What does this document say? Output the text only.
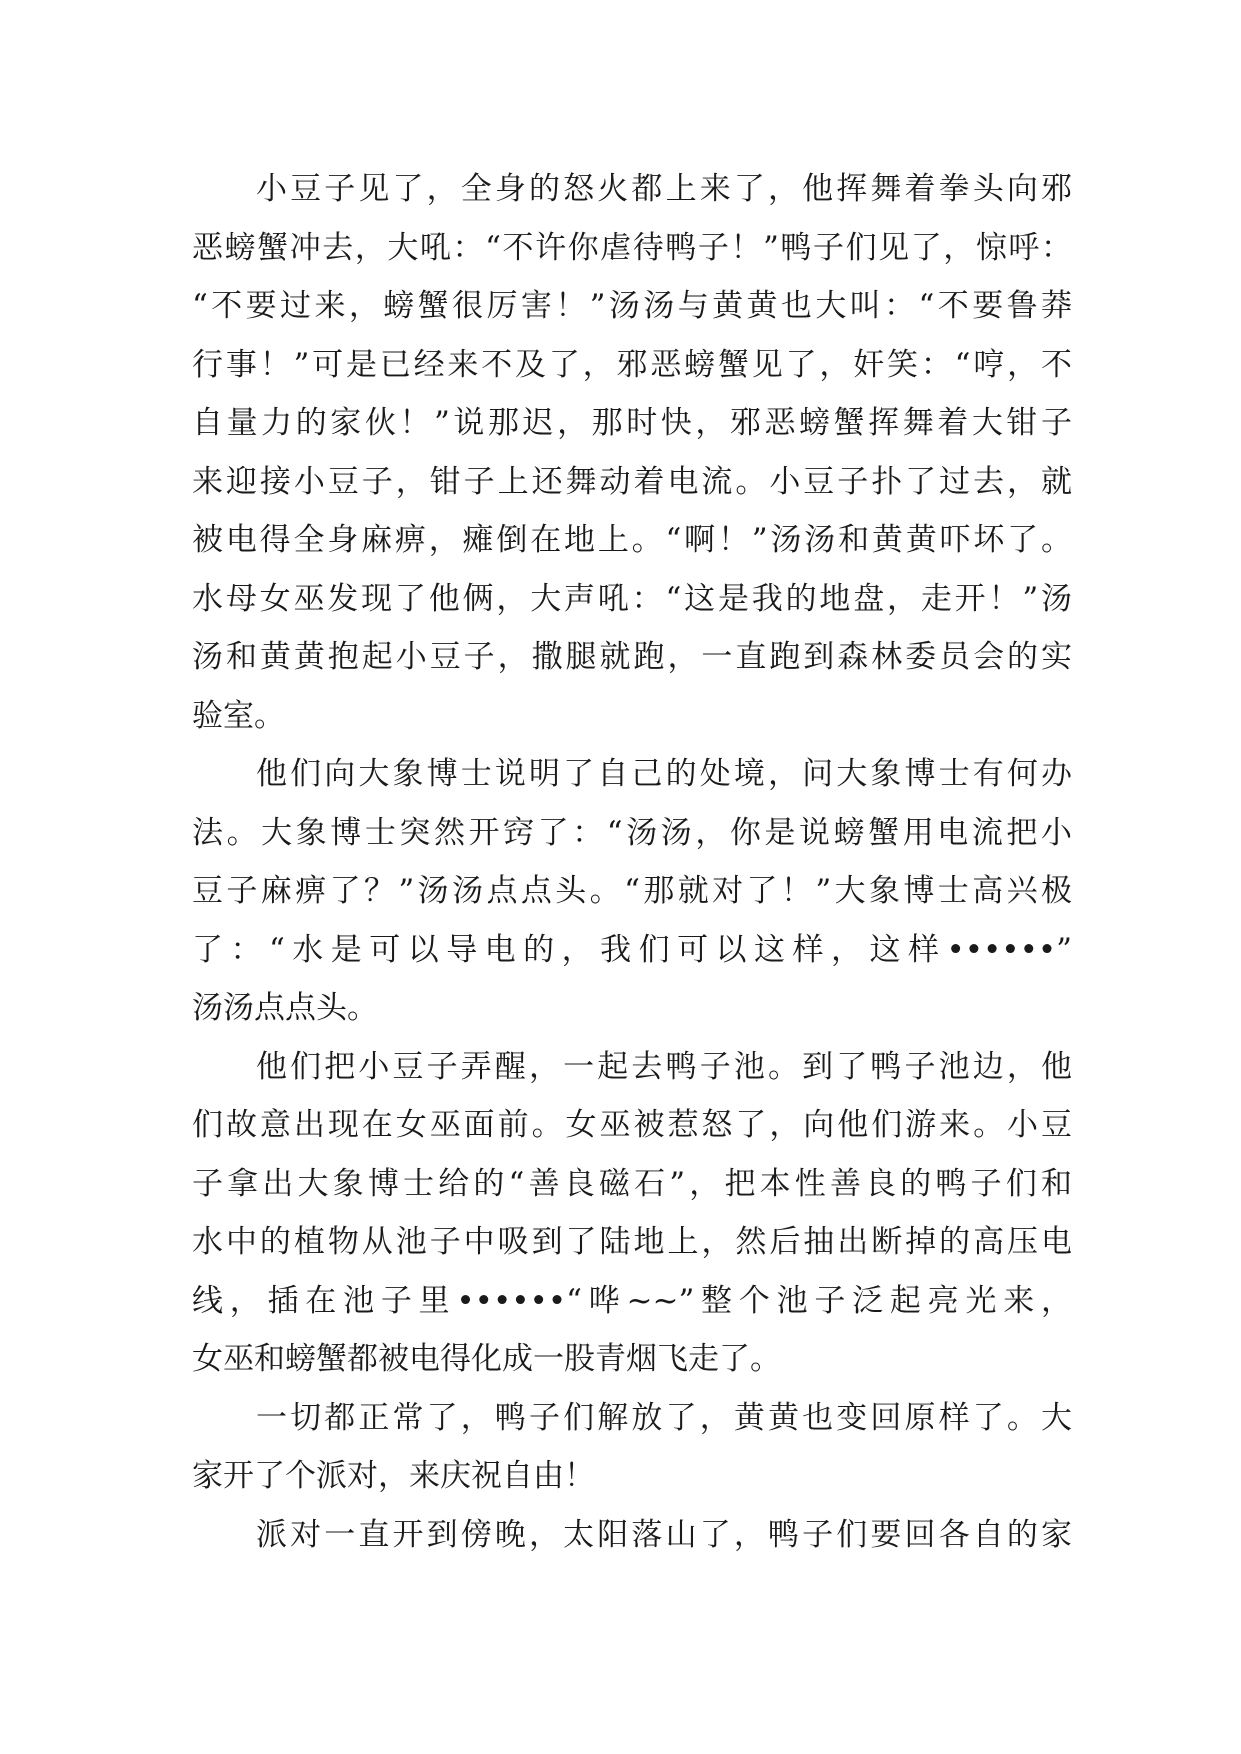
小豆子见了，全身的怒火都上来了，他挥舞着拳头向邪
恶螃蟹冲去，大吼：“不许你虐待鸭子！”鸭子们见了，惊呼：
“不要过来，螃蟹很厉害！”汤汤与黄黄也大叫：“不要鲁莽
行事！”可是已经来不及了，邪恶螃蟹见了，奸笑：“哼，不
自量力的家伙！”说那迟，那时快，邪恶螃蟹挥舞着大钳子
来迎接小豆子，钳子上还舞动着电流。小豆子扑了过去，就
被电得全身麻痹，瘫倒在地上。“啊！”汤汤和黄黄吓坏了。
水母女巫发现了他俩，大声吼：“这是我的地盘，走开！”汤
汤和黄黄抱起小豆子，撒腿就跑，一直跑到森林委员会的实
验室。
他们向大象博士说明了自己的处境，问大象博士有何办
法。大象博士突然开窍了：“汤汤，你是说螃蟹用电流把小
豆子麻痹了？”汤汤点点头。“那就对了！”大象博士高兴极
了：“水是可以导电的，我们可以这样，这样••••••”
汤汤点点头。
他们把小豆子弄醒，一起去鸭子池。到了鸭子池边，他
们故意出现在女巫面前。女巫被惹怒了，向他们游来。小豆
子拿出大象博士给的“善良磁石”，把本性善良的鸭子们和
水中的植物从池子中吸到了陆地上，然后抽出断掉的高压电
线，插在池子里••••••“哗~~”整个池子泛起亮光来，
女巫和螃蟹都被电得化成一股青烟飞走了。
一切都正常了，鸭子们解放了，黄黄也变回原样了。大
家开了个派对，来庆祝自由！
派对一直开到傍晚，太阳落山了，鸭子们要回各自的家
